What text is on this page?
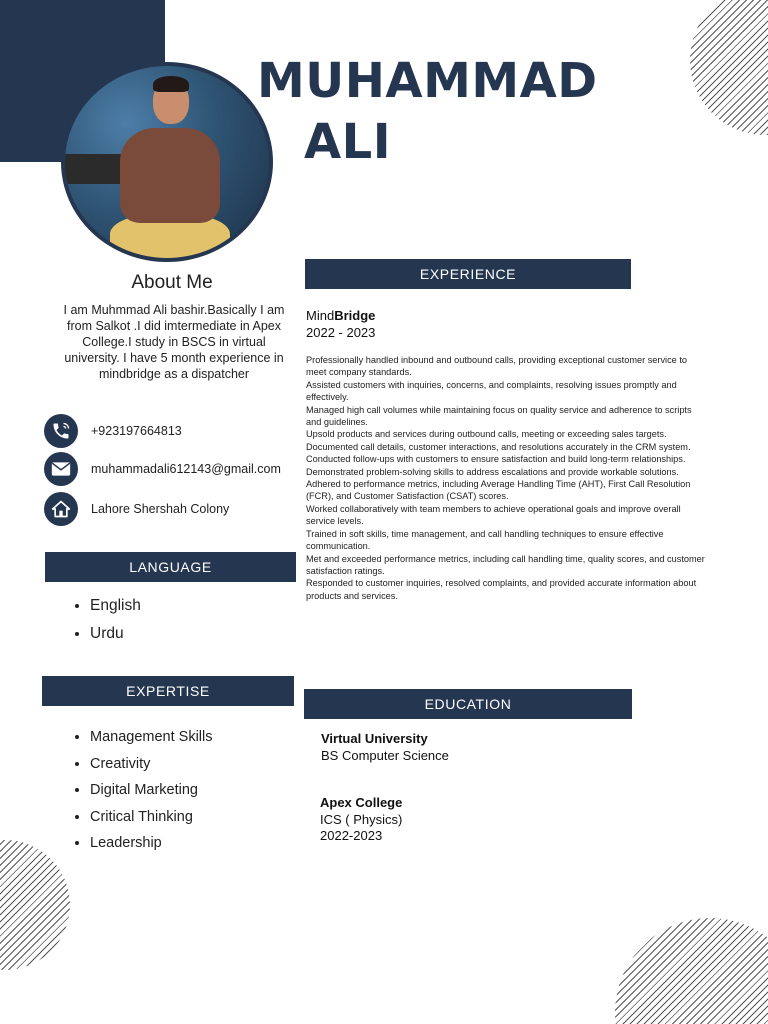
MUHAMMAD
ALI
About Me
I am Muhmmad Ali bashir.Basically I am from Salkot .I did imtermediate in Apex College.I study in BSCS in virtual university. I have 5 month experience in mindbridge as a dispatcher
+923197664813
muhammadali612143@gmail.com
Lahore Shershah Colony
LANGUAGE
• English
• Urdu
EXPERTISE
• Management Skills
• Creativity
• Digital Marketing
• Critical Thinking
• Leadership
EXPERIENCE
MindBridge
2022 - 2023
Professionally handled inbound and outbound calls, providing exceptional customer service to meet company standards.
Assisted customers with inquiries, concerns, and complaints, resolving issues promptly and effectively.
Managed high call volumes while maintaining focus on quality service and adherence to scripts and guidelines.
Upsold products and services during outbound calls, meeting or exceeding sales targets.
Documented call details, customer interactions, and resolutions accurately in the CRM system.
Conducted follow-ups with customers to ensure satisfaction and build long-term relationships.
Demonstrated problem-solving skills to address escalations and provide workable solutions.
Adhered to performance metrics, including Average Handling Time (AHT), First Call Resolution (FCR), and Customer Satisfaction (CSAT) scores.
Worked collaboratively with team members to achieve operational goals and improve overall service levels.
Trained in soft skills, time management, and call handling techniques to ensure effective communication.
Met and exceeded performance metrics, including call handling time, quality scores, and customer satisfaction ratings.
Responded to customer inquiries, resolved complaints, and provided accurate information about products and services.
EDUCATION
Virtual University
BS Computer Science
Apex College
ICS ( Physics)
2022-2023
